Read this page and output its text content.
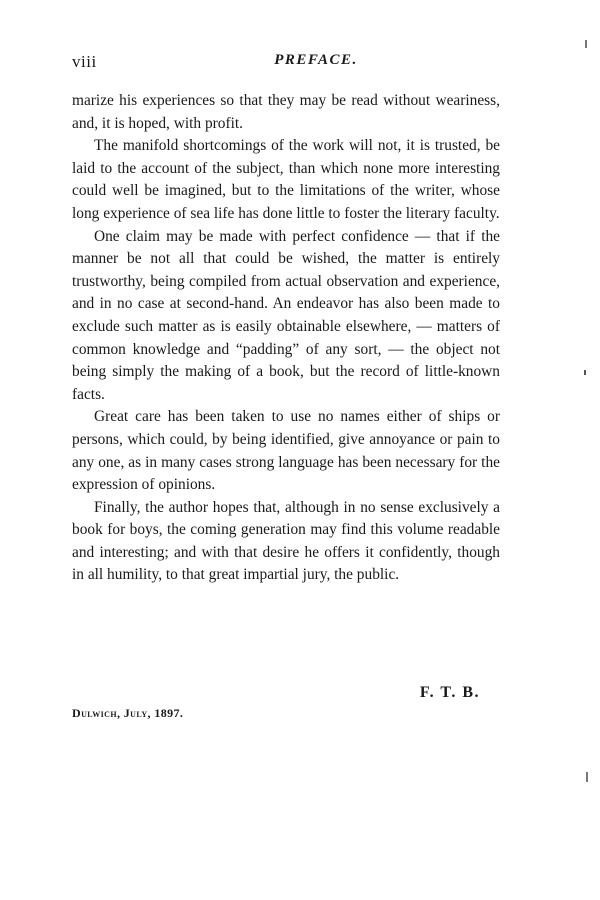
viii	PREFACE.

marize his experiences so that they may be read without weariness, and, it is hoped, with profit.

The manifold shortcomings of the work will not, it is trusted, be laid to the account of the subject, than which none more interesting could well be imagined, but to the limitations of the writer, whose long experience of sea life has done little to foster the literary faculty.

One claim may be made with perfect confidence — that if the manner be not all that could be wished, the matter is entirely trustworthy, being compiled from actual observation and experience, and in no case at second-hand. An endeavor has also been made to exclude such matter as is easily obtainable elsewhere, — matters of common knowledge and “padding” of any sort, — the object not being simply the making of a book, but the record of little-known facts.

Great care has been taken to use no names either of ships or persons, which could, by being identified, give annoyance or pain to any one, as in many cases strong language has been necessary for the expression of opinions.

Finally, the author hopes that, although in no sense exclusively a book for boys, the coming generation may find this volume readable and interesting; and with that desire he offers it confidently, though in all humility, to that great impartial jury, the public.

F. T. B.
Dulwich, July, 1897.
